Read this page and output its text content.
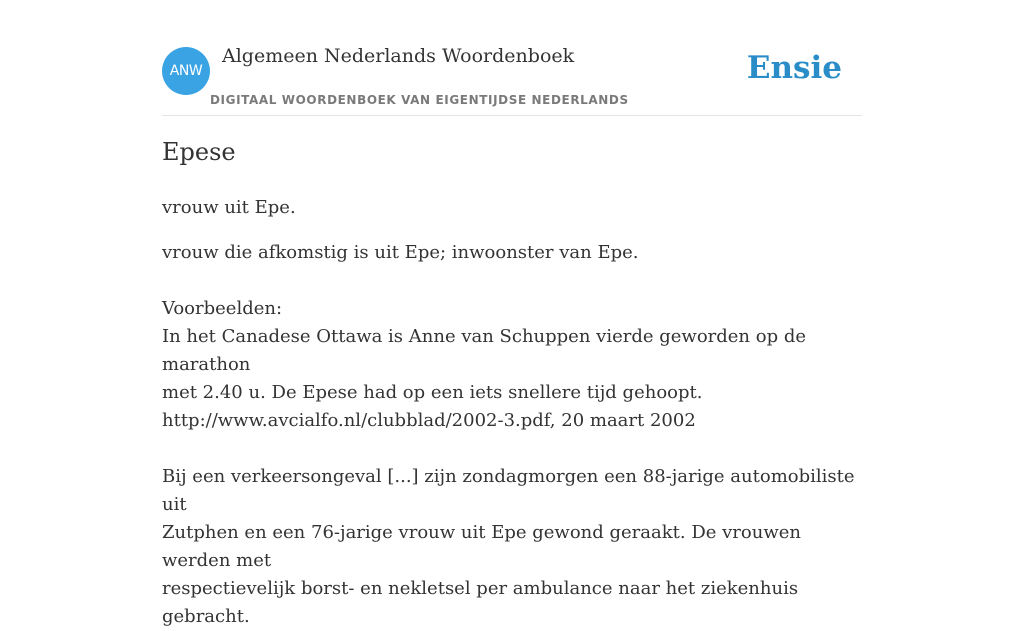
ANW
Algemeen Nederlands Woordenboek
DIGITAAL WOORDENBOEK VAN EIGENTIJDSE NEDERLANDS
Ensie
Epese

vrouw uit Epe.

vrouw die afkomstig is uit Epe; inwoonster van Epe.

Voorbeelden:

In het Canadese Ottawa is Anne van Schuppen vierde geworden op de marathon

met 2.40 u. De Epese had op een iets snellere tijd gehoopt.

http://www.avcialfo.nl/clubblad/2002-3.pdf, 20 maart 2002

Bij een verkeersongeval [...] zijn zondagmorgen een 88-jarige automobiliste uit

Zutphen en een 76-jarige vrouw uit Epe gewond geraakt. De vrouwen werden met

respectievelijk borst- en nekletsel per ambulance naar het ziekenhuis gebracht.
